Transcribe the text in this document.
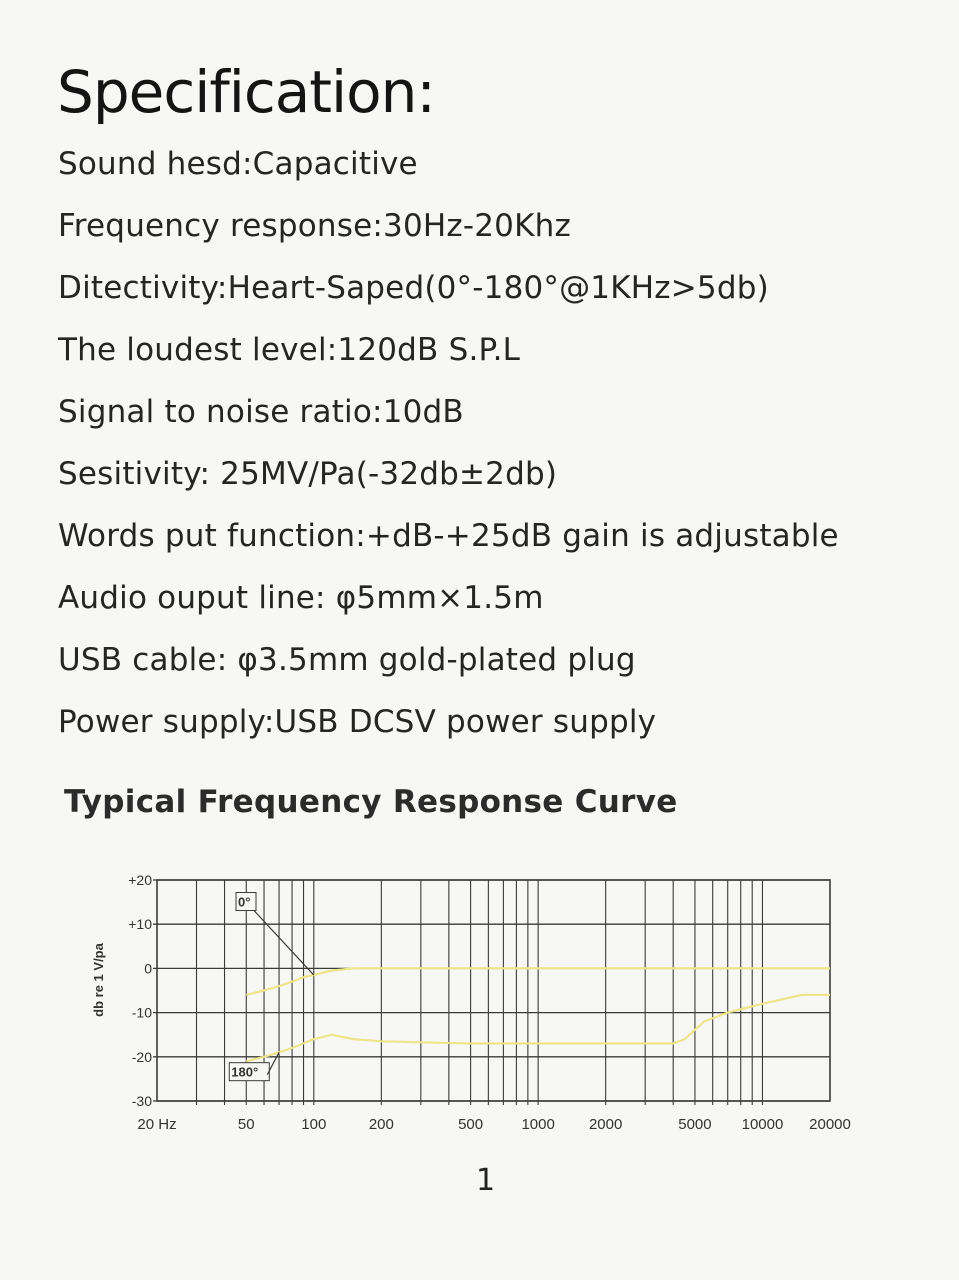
Specification:
Sound hesd:Capacitive
Frequency response:30Hz-20Khz
Ditectivity:Heart-Saped(0°-180°@1KHz>5db)
The loudest level:120dB S.P.L
Signal to noise ratio:10dB
Sesitivity: 25MV/Pa(-32db±2db)
Words put function:+dB-+25dB gain is adjustable
Audio ouput line: φ5mm×1.5m
USB cable: φ3.5mm gold-plated plug
Power supply:USB DCSV power supply
Typical Frequency Response Curve
+20
+10
0
-10
-20
-30
20 Hz	50	100	200	500	1000 2000	5000 10000 20000
db re 1 V/pa
0°
180°
1
